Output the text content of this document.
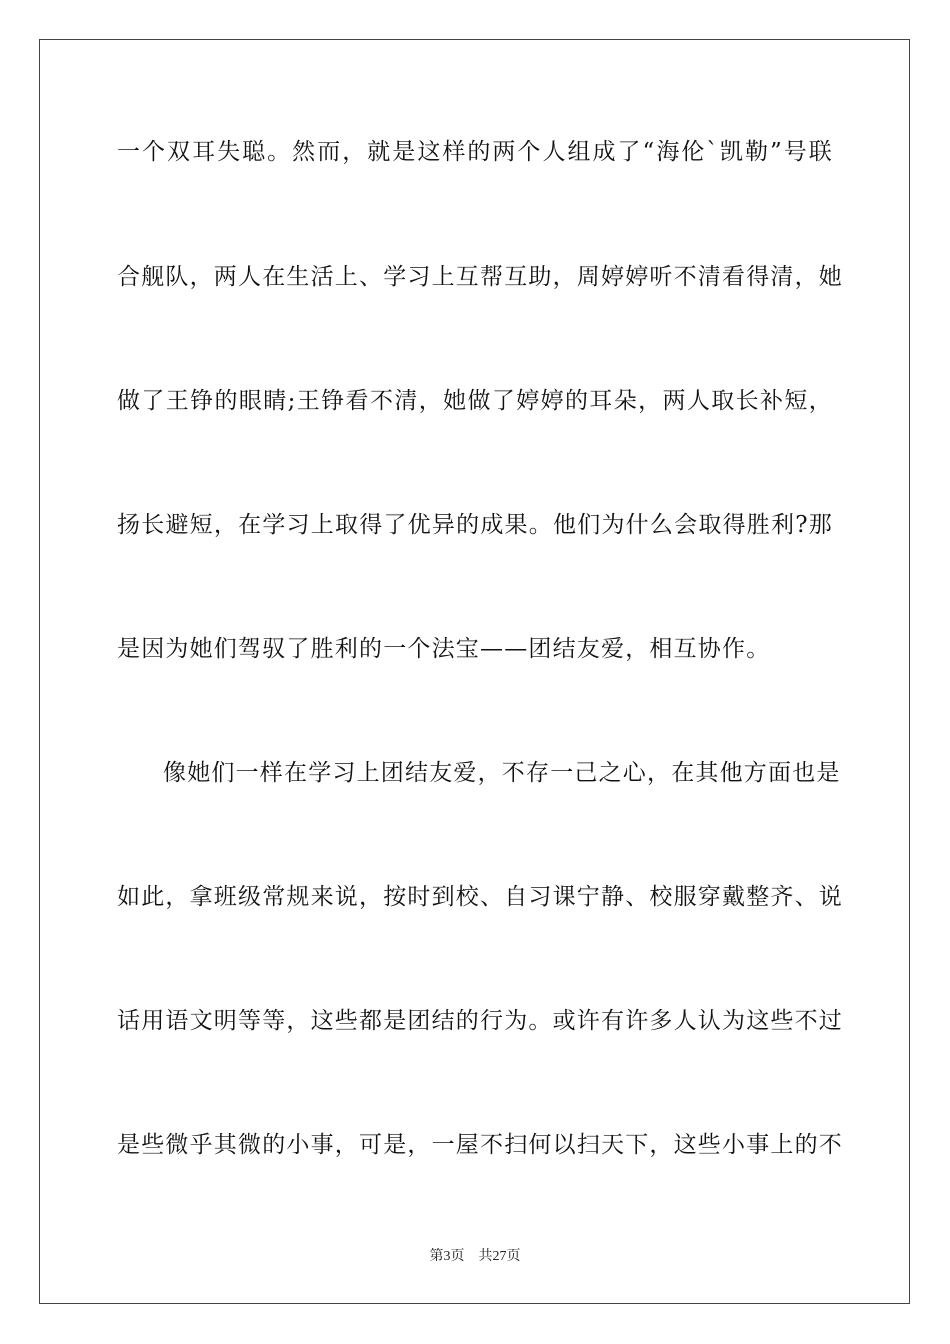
一个双耳失聪。然而，就是这样的两个人组成了“海伦`凯勒”号联
合舰队，两人在生活上、学习上互帮互助，周婷婷听不清看得清，她
做了王铮的眼睛;王铮看不清，她做了婷婷的耳朵，两人取长补短，
扬长避短，在学习上取得了优异的成果。他们为什么会取得胜利?那
是因为她们驾驭了胜利的一个法宝——团结友爱，相互协作。
像她们一样在学习上团结友爱，不存一己之心，在其他方面也是
如此，拿班级常规来说，按时到校、自习课宁静、校服穿戴整齐、说
话用语文明等等，这些都是团结的行为。或许有许多人认为这些不过
是些微乎其微的小事，可是，一屋不扫何以扫天下，这些小事上的不
第3页 共27页
